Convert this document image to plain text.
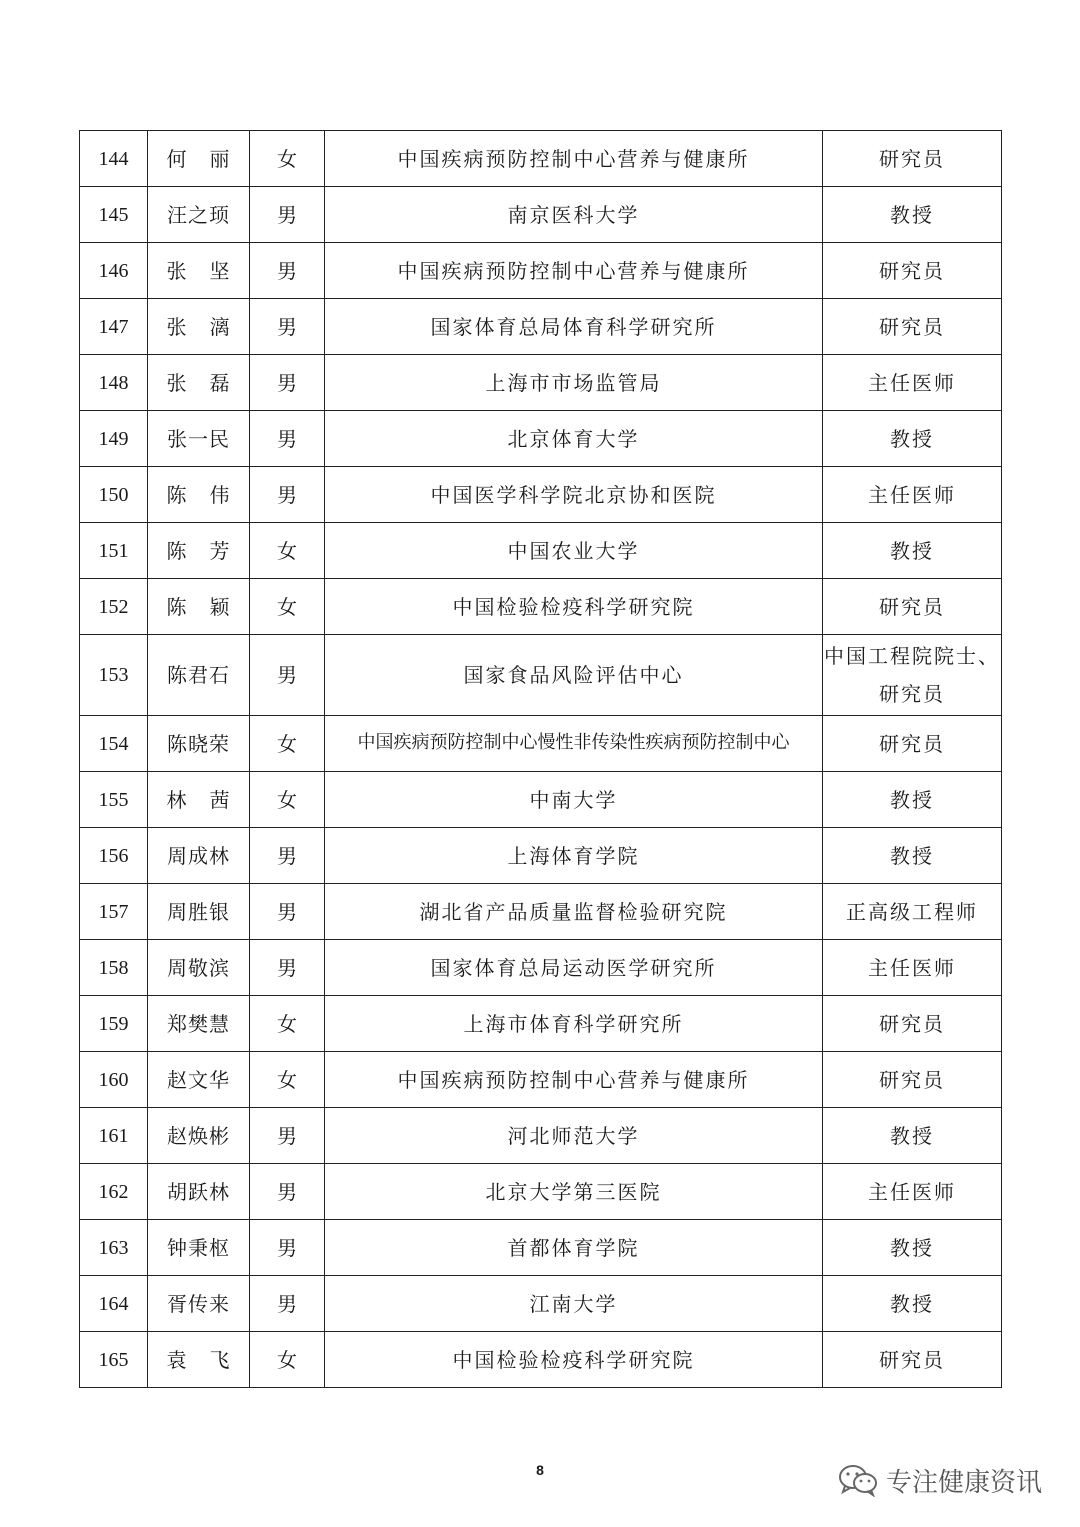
144	何丽	女	中国疾病预防控制中心营养与健康所	研究员

145	汪之顼	男	南京医科大学	教授

146	张坚	男	中国疾病预防控制中心营养与健康所	研究员

147	张漓	男	国家体育总局体育科学研究所	研究员

148	张磊	男	上海市市场监管局	主任医师

149	张一民	男	北京体育大学	教授

150	陈伟	男	中国医学科学院北京协和医院	主任医师

151	陈芳	女	中国农业大学	教授

152	陈颖	女	中国检验检疫科学研究院	研究员

153	陈君石	男	国家食品风险评估中心	中国工程院院士、
研究员

154	陈晓荣	女	中国疾病预防控制中心慢性非传染性疾病预防控制中心	研究员

155	林茜	女	中南大学	教授

156	周成林	男	上海体育学院	教授

157	周胜银	男	湖北省产品质量监督检验研究院	正高级工程师

158	周敬滨	男	国家体育总局运动医学研究所	主任医师

159	郑樊慧	女	上海市体育科学研究所	研究员

160	赵文华	女	中国疾病预防控制中心营养与健康所	研究员

161	赵焕彬	男	河北师范大学	教授

162	胡跃林	男	北京大学第三医院	主任医师

163	钟秉枢	男	首都体育学院	教授

164	胥传来	男	江南大学	教授

165	袁飞	女	中国检验检疫科学研究院	研究员
8	专注健康资讯
